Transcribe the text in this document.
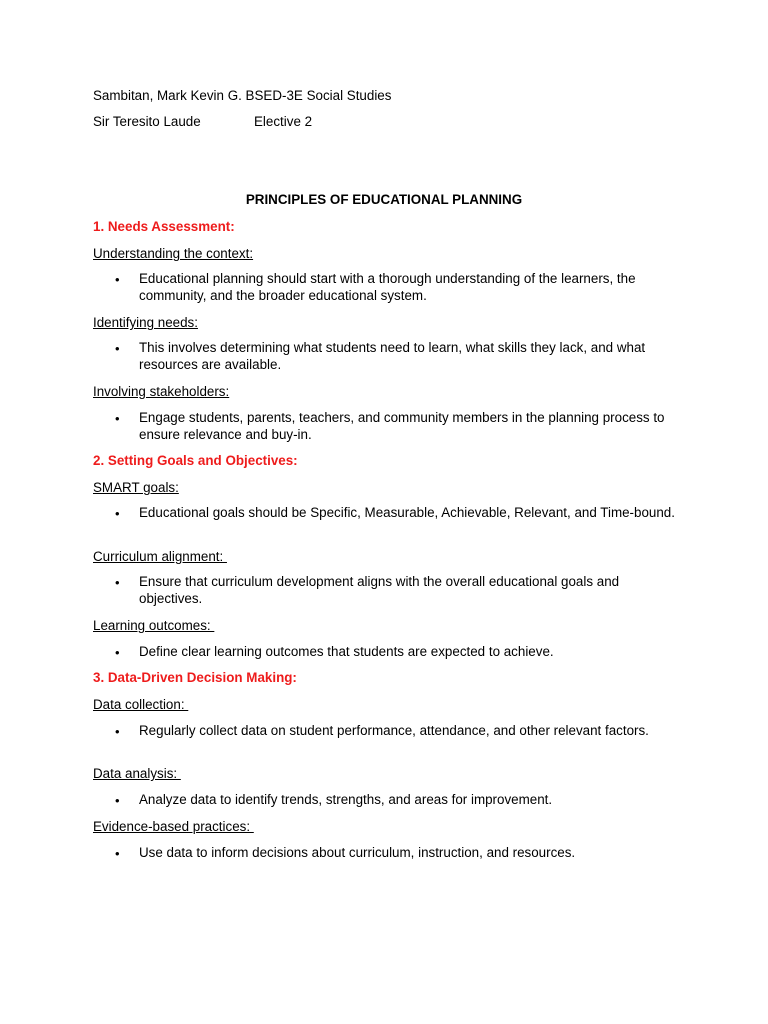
Sambitan, Mark Kevin G. BSED-3E Social Studies
Sir Teresito Laude	Elective 2
PRINCIPLES OF EDUCATIONAL PLANNING
1. Needs Assessment:
Understanding the context:
• Educational planning should start with a thorough understanding of the learners, the community, and the broader educational system.
Identifying needs:
• This involves determining what students need to learn, what skills they lack, and what resources are available.
Involving stakeholders:
• Engage students, parents, teachers, and community members in the planning process to ensure relevance and buy-in.
2. Setting Goals and Objectives:
SMART goals:
• Educational goals should be Specific, Measurable, Achievable, Relevant, and Time-bound.
Curriculum alignment:
• Ensure that curriculum development aligns with the overall educational goals and objectives.
Learning outcomes:
• Define clear learning outcomes that students are expected to achieve.
3. Data-Driven Decision Making:
Data collection:
• Regularly collect data on student performance, attendance, and other relevant factors.
Data analysis:
• Analyze data to identify trends, strengths, and areas for improvement.
Evidence-based practices:
• Use data to inform decisions about curriculum, instruction, and resources.
